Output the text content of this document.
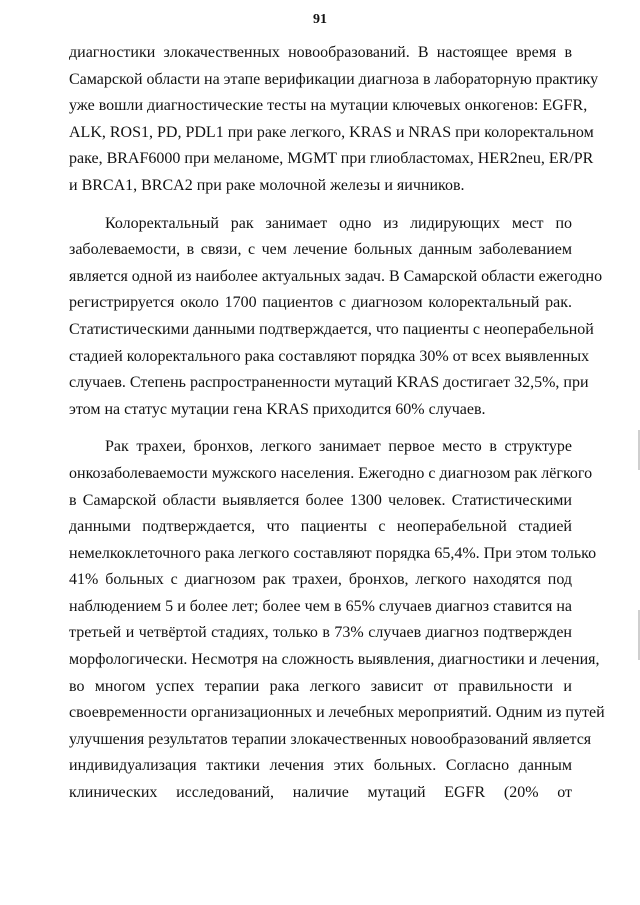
91
диагностики злокачественных новообразований. В настоящее время в
Самарской области на этапе верификации диагноза в лабораторную практику
уже вошли диагностические тесты на мутации ключевых онкогенов: EGFR,
ALK, ROS1, PD, PDL1 при раке легкого, KRAS и NRAS при колоректальном
раке, BRAF6000 при меланоме, MGMT при глиобластомах, HER2neu, ER/PR
и BRCA1, BRCA2 при раке молочной железы и яичников.
Колоректальный рак занимает одно из лидирующих мест по
заболеваемости, в связи, с чем лечение больных данным заболеванием
является одной из наиболее актуальных задач. В Самарской области ежегодно
регистрируется около 1700 пациентов с диагнозом колоректальный рак.
Статистическими данными подтверждается, что пациенты с неоперабельной
стадией колоректального рака составляют порядка 30% от всех выявленных
случаев. Степень распространенности мутаций KRAS достигает 32,5%, при
этом на статус мутации гена KRAS приходится 60% случаев.
Рак трахеи, бронхов, легкого занимает первое место в структуре
онкозаболеваемости мужского населения. Ежегодно с диагнозом рак лёгкого
в Самарской области выявляется более 1300 человек. Статистическими
данными подтверждается, что пациенты с неоперабельной стадией
немелкоклеточного рака легкого составляют порядка 65,4%. При этом только
41% больных с диагнозом рак трахеи, бронхов, легкого находятся под
наблюдением 5 и более лет; более чем в 65% случаев диагноз ставится на
третьей и четвёртой стадиях, только в 73% случаев диагноз подтвержден
морфологически. Несмотря на сложность выявления, диагностики и лечения,
во многом успех терапии рака легкого зависит от правильности и
своевременности организационных и лечебных мероприятий. Одним из путей
улучшения результатов терапии злокачественных новообразований является
индивидуализация тактики лечения этих больных. Согласно данным
клинических исследований, наличие мутаций EGFR (20% от
